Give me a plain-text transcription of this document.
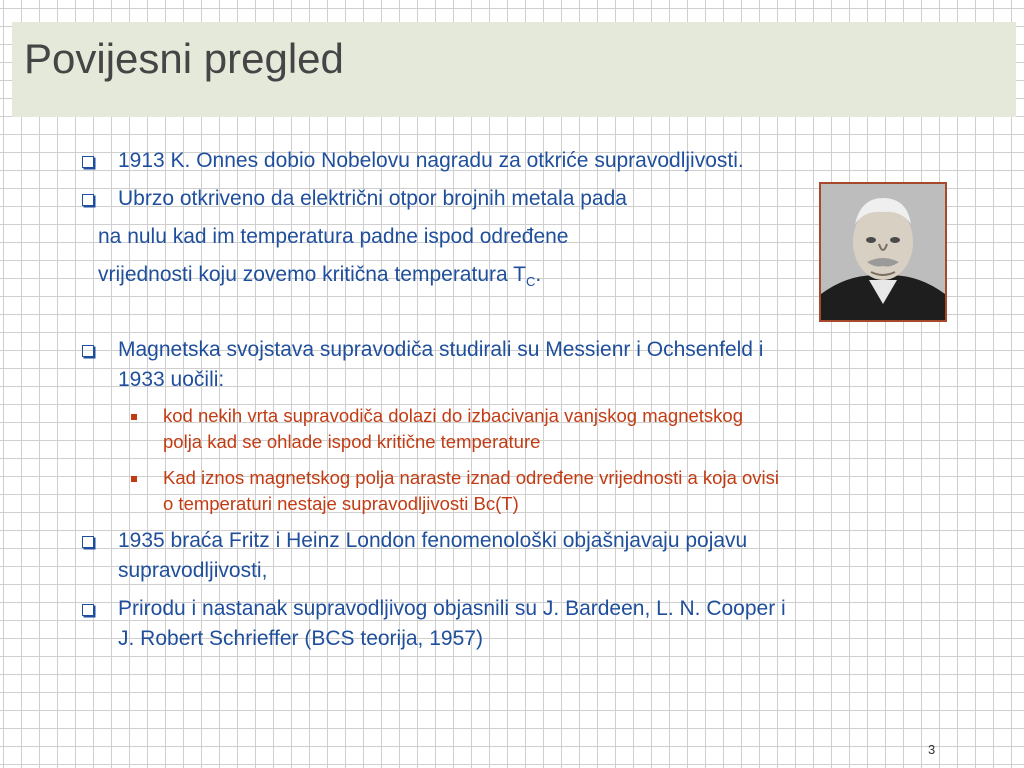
Povijesni pregled
1913 K. Onnes dobio Nobelovu nagradu za otkriće supravodljivosti.
Ubrzo otkriveno da električni otpor brojnih metala pada
na nulu kad im temperatura padne ispod određene
vrijednosti koju zovemo kritična temperatura $T_C$.
Magnetska svojstava supravodiča studirali su Messienr i Ochsenfeld i
1933 uočili:
kod nekih vrta supravodiča dolazi do izbacivanja vanjskog magnetskog
polja kad se ohlade ispod kritične temperature
Kad iznos magnetskog polja naraste iznad određene vrijednosti a koja ovisi
o temperaturi nestaje supravodljivosti Bc(T)
1935 braća Fritz i Heinz London fenomenološki objašnjavaju pojavu
supravodljivosti,
Prirodu i nastanak supravodljivog objasnili su J. Bardeen, L. N. Cooper i
J. Robert Schrieffer (BCS teorija, 1957)
3
